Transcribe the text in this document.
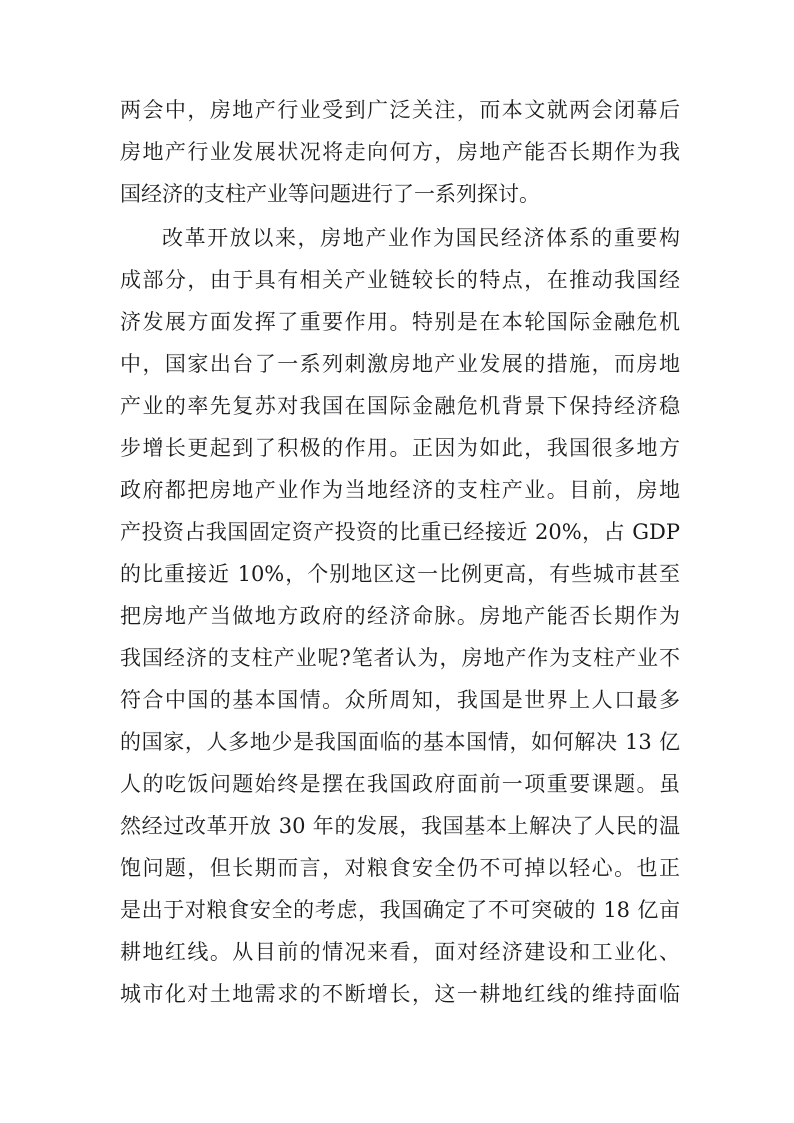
两会中，房地产行业受到广泛关注，而本文就两会闭幕后
房地产行业发展状况将走向何方，房地产能否长期作为我
国经济的支柱产业等问题进行了一系列探讨。
改革开放以来，房地产业作为国民经济体系的重要构
成部分，由于具有相关产业链较长的特点，在推动我国经
济发展方面发挥了重要作用。特别是在本轮国际金融危机
中，国家出台了一系列刺激房地产业发展的措施，而房地
产业的率先复苏对我国在国际金融危机背景下保持经济稳
步增长更起到了积极的作用。正因为如此，我国很多地方
政府都把房地产业作为当地经济的支柱产业。目前，房地
产投资占我国固定资产投资的比重已经接近 20%，占 GDP
的比重接近 10%，个别地区这一比例更高，有些城市甚至
把房地产当做地方政府的经济命脉。房地产能否长期作为
我国经济的支柱产业呢?笔者认为，房地产作为支柱产业不
符合中国的基本国情。众所周知，我国是世界上人口最多
的国家，人多地少是我国面临的基本国情，如何解决 13 亿
人的吃饭问题始终是摆在我国政府面前一项重要课题。虽
然经过改革开放 30 年的发展，我国基本上解决了人民的温
饱问题，但长期而言，对粮食安全仍不可掉以轻心。也正
是出于对粮食安全的考虑，我国确定了不可突破的 18 亿亩
耕地红线。从目前的情况来看，面对经济建设和工业化、
城市化对土地需求的不断增长，这一耕地红线的维持面临
